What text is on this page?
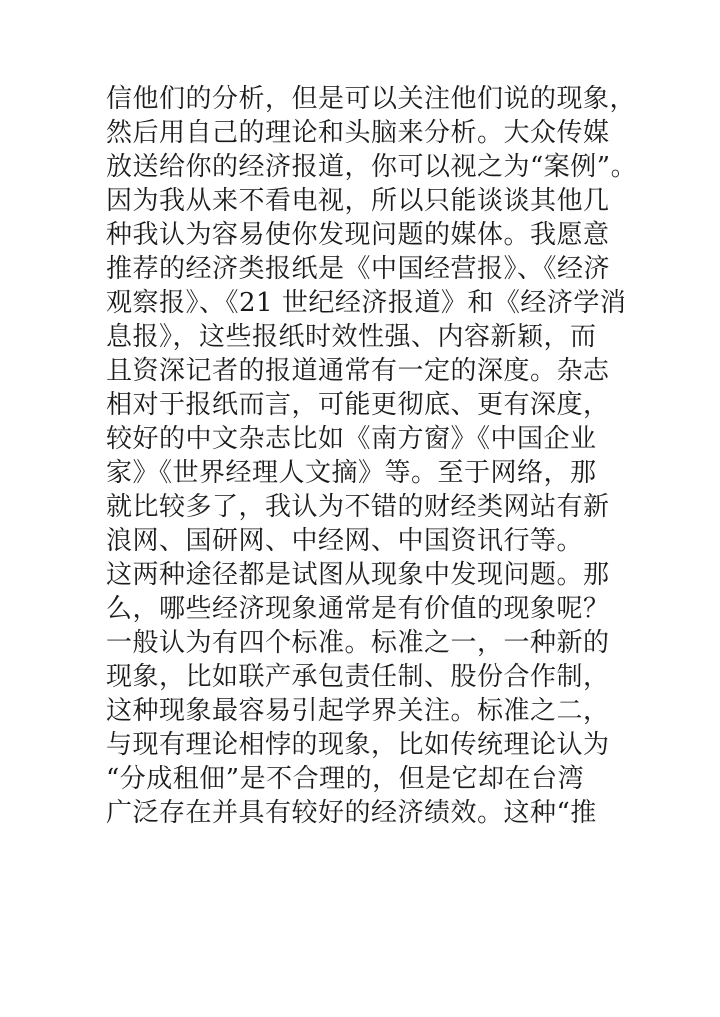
信他们的分析，但是可以关注他们说的现象，
然后用自己的理论和头脑来分析。大众传媒
放送给你的经济报道，你可以视之为“案例”。
因为我从来不看电视，所以只能谈谈其他几
种我认为容易使你发现问题的媒体。我愿意
推荐的经济类报纸是《中国经营报》、《经济
观察报》、《21 世纪经济报道》和《经济学消
息报》，这些报纸时效性强、内容新颖，而
且资深记者的报道通常有一定的深度。杂志
相对于报纸而言，可能更彻底、更有深度，
较好的中文杂志比如《南方窗》《中国企业
家》《世界经理人文摘》等。至于网络，那
就比较多了，我认为不错的财经类网站有新
浪网、国研网、中经网、中国资讯行等。
这两种途径都是试图从现象中发现问题。那
么，哪些经济现象通常是有价值的现象呢？
一般认为有四个标准。标准之一，一种新的
现象，比如联产承包责任制、股份合作制，
这种现象最容易引起学界关注。标准之二，
与现有理论相悖的现象，比如传统理论认为
“分成租佃”是不合理的，但是它却在台湾
广泛存在并具有较好的经济绩效。这种“推
